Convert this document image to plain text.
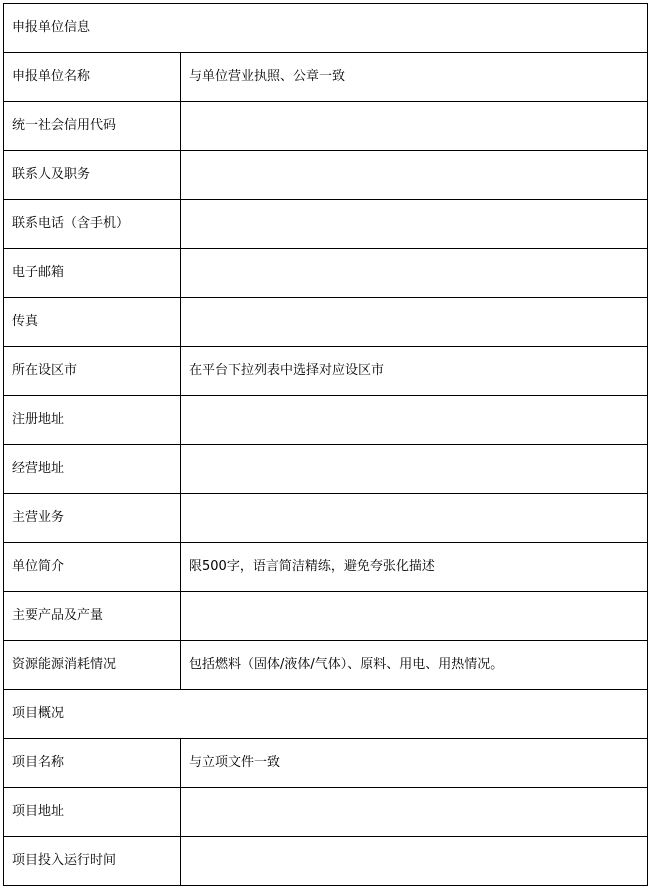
申报单位信息	
申报单位名称	与单位营业执照、公章一致
统一社会信用代码	
联系人及职务	
联系电话（含手机）	
电子邮箱	
传真	
所在设区市	在平台下拉列表中选择对应设区市
注册地址	
经营地址	
主营业务	
单位简介	限500字，语言简洁精练，避免夸张化描述
主要产品及产量	
资源能源消耗情况	包括燃料（固体/液体/气体）、原料、用电、用热情况。
项目概况	
项目名称	与立项文件一致
项目地址	
项目投入运行时间	
